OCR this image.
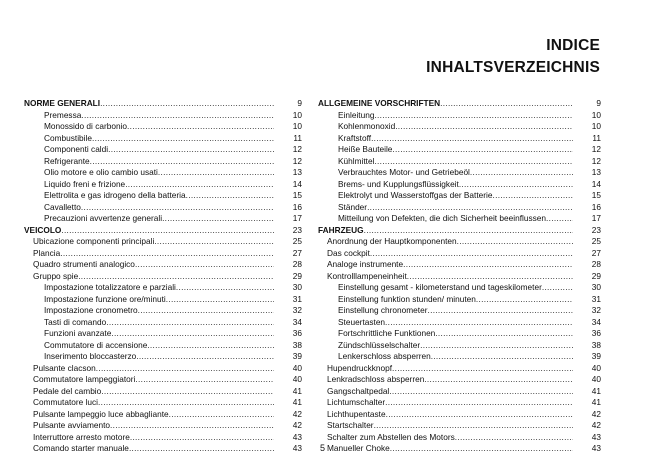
INDICE
INHALTSVERZEICHNIS
NORME GENERALI .....	9
Premessa .....	10
Monossido di carbonio .....	10
Combustibile .....	11
Componenti caldi .....	12
Refrigerante .....	12
Olio motore e olio cambio usati .....	13
Liquido freni e frizione .....	14
Elettrolita e gas idrogeno della batteria .....	15
Cavalletto .....	16
Precauzioni avvertenze generali .....	17
VEICOLO .....	23
Ubicazione componenti principali .....	25
Plancia .....	27
Quadro strumenti analogico .....	28
Gruppo spie .....	29
Impostazione totalizzatore e parziali .....	30
Impostazione funzione ore/minuti .....	31
Impostazione cronometro .....	32
Tasti di comando .....	34
Funzioni avanzate .....	36
Commutatore di accensione .....	38
Inserimento bloccasterzo .....	39
Pulsante clacson .....	40
Commutatore lampeggiatori .....	40
Pedale del cambio .....	41
Commutatore luci .....	41
Pulsante lampeggio luce abbagliante .....	42
Pulsante avviamento .....	42
Interruttore arresto motore .....	43
Comando starter manuale .....	43
ALLGEMEINE VORSCHRIFTEN .....	9
Einleitung .....	10
Kohlenmonoxid .....	10
Kraftstoff .....	11
Heiße Bauteile .....	12
Kühlmittel .....	12
Verbrauchtes Motor- und Getriebeöl .....	13
Brems- und Kupplungsflüssigkeit .....	14
Elektrolyt und Wasserstoffgas der Batterie .....	15
Ständer .....	16
Mitteilung von Defekten, die dich Sicherheit beeinflussen .....	17
FAHRZEUG .....	23
Anordnung der Hauptkomponenten .....	25
Das cockpit .....	27
Analoge instrumente .....	28
Kontrolllampeneinheit .....	29
Einstellung gesamt - kilometerstand und tageskilometer .....	30
Einstellung funktion stunden/ minuten .....	31
Einstellung chronometer .....	32
Steuertasten .....	34
Fortschrittliche Funktionen .....	36
Zündschlüsselschalter .....	38
Lenkerschloss absperren .....	39
Hupendruckknopf .....	40
Lenkradschloss absperren .....	40
Gangschaltpedal .....	41
Lichtumschalter .....	41
Lichthupentaste .....	42
Startschalter .....	42
Schalter zum Abstellen des Motors .....	43
Manueller Choke .....	43
5
